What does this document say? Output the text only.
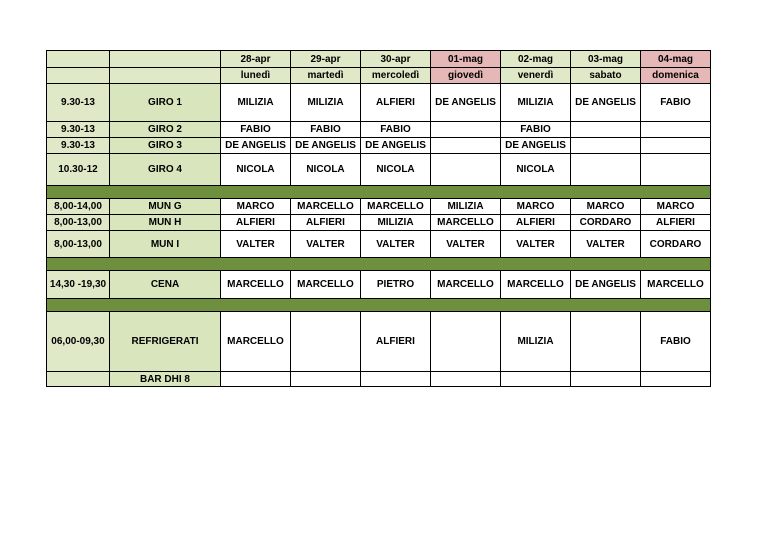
		28-apr	29-apr	30-apr	01-mag	02-mag	03-mag	04-mag
		lunedì	martedì	mercoledì	giovedì	venerdì	sabato	domenica
9.30-13	GIRO 1	MILIZIA	MILIZIA	ALFIERI	DE ANGELIS	MILIZIA	DE ANGELIS	FABIO
9.30-13	GIRO 2	FABIO	FABIO	FABIO		FABIO		
9.30-13	GIRO 3	DE ANGELIS	DE ANGELIS	DE ANGELIS		DE ANGELIS		
10.30-12	GIRO 4	NICOLA	NICOLA	NICOLA		NICOLA		

8,00-14,00	MUN G	MARCO	MARCELLO	MARCELLO	MILIZIA	MARCO	MARCO	MARCO
8,00-13,00	MUN H	ALFIERI	ALFIERI	MILIZIA	MARCELLO	ALFIERI	CORDARO	ALFIERI
8,00-13,00	MUN I	VALTER	VALTER	VALTER	VALTER	VALTER	VALTER	CORDARO

14,30 -19,30	CENA	MARCELLO	MARCELLO	PIETRO	MARCELLO	MARCELLO	DE ANGELIS	MARCELLO

06,00-09,30	REFRIGERATI	MARCELLO		ALFIERI		MILIZIA		FABIO
	BAR DHI 8							
